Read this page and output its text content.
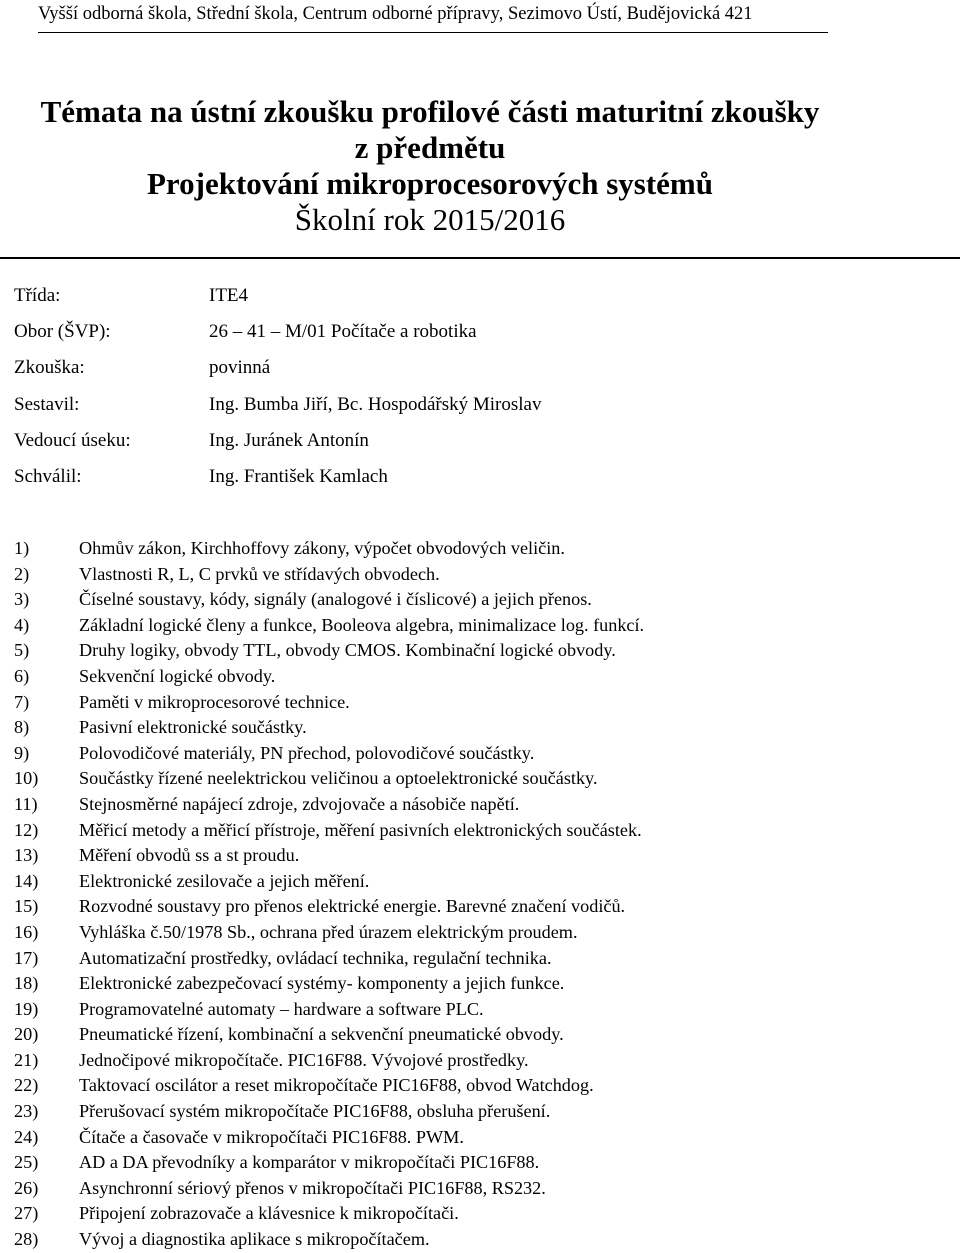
Vyšší odborná škola, Střední škola, Centrum odborné přípravy, Sezimovo Ústí, Budějovická 421
Témata na ústní zkoušku profilové části maturitní zkoušky
z předmětu
Projektování mikroprocesorových systémů
Školní rok 2015/2016
Třída:	ITE4
Obor (ŠVP):	26 – 41 – M/01 Počítače a robotika
Zkouška:	povinná
Sestavil:	Ing. Bumba Jiří, Bc. Hospodářský Miroslav
Vedoucí úseku:	Ing. Juránek Antonín
Schválil:	Ing. František Kamlach
1)	Ohmův zákon, Kirchhoffovy zákony, výpočet obvodových veličin.
2)	Vlastnosti R, L, C prvků ve střídavých obvodech.
3)	Číselné soustavy, kódy, signály (analogové i číslicové) a jejich přenos.
4)	Základní logické členy a funkce, Booleova algebra, minimalizace log. funkcí.
5)	Druhy logiky, obvody TTL, obvody CMOS. Kombinační logické obvody.
6)	Sekvenční logické obvody.
7)	Paměti v mikroprocesorové technice.
8)	Pasivní elektronické součástky.
9)	Polovodičové materiály, PN přechod, polovodičové součástky.
10) Součástky řízené neelektrickou veličinou a optoelektronické součástky.
11) Stejnosměrné napájecí zdroje, zdvojovače a násobiče napětí.
12) Měřicí metody a měřicí přístroje, měření pasivních elektronických součástek.
13) Měření obvodů ss a st proudu.
14) Elektronické zesilovače a jejich měření.
15) Rozvodné soustavy pro přenos elektrické energie. Barevné značení vodičů.
16) Vyhláška č.50/1978 Sb., ochrana před úrazem elektrickým proudem.
17) Automatizační prostředky, ovládací technika, regulační technika.
18) Elektronické zabezpečovací systémy- komponenty a jejich funkce.
19) Programovatelné automaty – hardware a software PLC.
20) Pneumatické řízení, kombinační a sekvenční pneumatické obvody.
21) Jednočipové mikropočítače. PIC16F88. Vývojové prostředky.
22) Taktovací oscilátor a reset mikropočítače PIC16F88, obvod Watchdog.
23) Přerušovací systém mikropočítače PIC16F88, obsluha přerušení.
24) Čítače a časovače v mikropočítači PIC16F88. PWM.
25) AD a DA převodníky a komparátor v mikropočítači PIC16F88.
26) Asynchronní sériový přenos v mikropočítači PIC16F88, RS232.
27) Připojení zobrazovače a klávesnice k mikropočítači.
28) Vývoj a diagnostika aplikace s mikropočítačem.
